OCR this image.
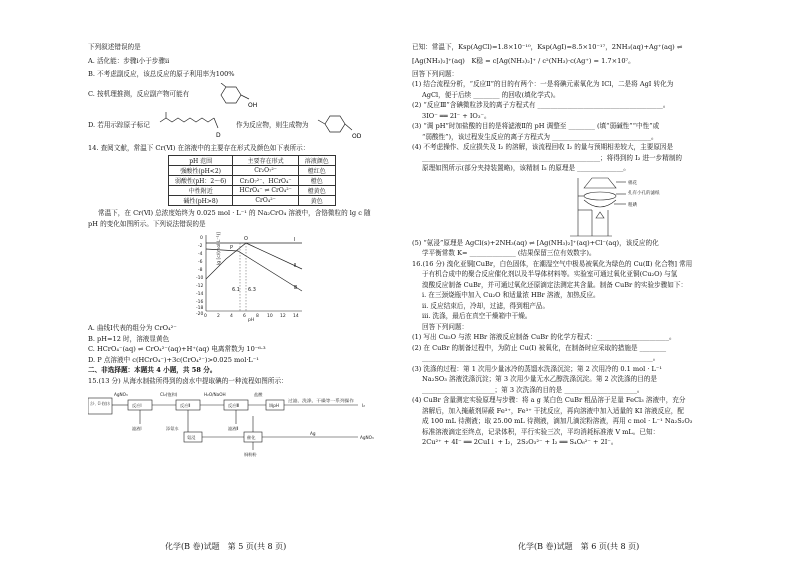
下列叙述错误的是
A. 活化能：步骤ⅰ小于步骤ⅱ
B. 不考虑副反应，该总反应的原子利用率为100%
C. 按机理推测，反应副产物可能有
OH
D. 若用示踪原子标记
D
作为反应物，则生成物为
OD
14. 查阅文献，常温下 Cr(Ⅵ) 在溶液中的主要存在形式及颜色如下表所示：
pH 范围	主要存在形式	溶液颜色
强酸性(pH<2)	Cr₂O₇²⁻	橙红色
弱酸性(pH：2～6)	Cr₂O₇²⁻、HCrO₄⁻	橙色
中性附近	HCrO₄⁻ ⇌ CrO₄²⁻	橙黄色
碱性(pH>8)	CrO₄²⁻	黄色
常温下，在 Cr(Ⅵ) 总浓度始终为 0.025 mol · L⁻¹ 的 Na₂CrO₄ 溶液中，含铬微粒的 lg c 随
pH 的变化如图所示。下列说法错误的是
lg [c/(mol·L⁻¹)]
pH
0 2 4 6 8 10 12 14
0
-2
-4
-6
-8
-10
-12
-14
-16
-18
-20
Ⅰ
Ⅱ
Ⅲ
O
P
6.1 6.3
A. 曲线Ⅰ代表的组分为 CrO₄²⁻
B. pH=12 时，溶液显黄色
C. HCrO₄⁻(aq) ⇌ CrO₄²⁻(aq)+H⁺(aq) 电离常数为 10⁻⁶·³
D. P 点溶液中 c(HCrO₄⁻)+3c(CrO₄²⁻)>0.025 mol·L⁻¹
二、非选择题：本题共 4 小题，共 58 分。
15.(13 分) 从海水制盐所得到的卤水中提取碘的一种流程如图所示：
含I⁻、Cl⁻的卤水
AgNO₃
反应Ⅰ
Cl₂(饱和)
反应Ⅱ
H₂O/NaOH
反应Ⅲ
盐酸
调pH
过滤、洗涤、干燥等一系列操作
I₂
滤液Ⅰ	滤液Ⅱ
添氨水
氨浸	催化
Ag
AgNO₃
铜粉粉
化学(B 卷)试题　第 5 页(共 8 页)
已知：常温下，Ksp(AgCl)=1.8×10⁻¹⁰，Ksp(AgI)=8.5×10⁻¹⁷，2NH₃(aq)+Ag⁺(aq) ⇌
[Ag(NH₃)₂]⁺(aq)　K稳 = c[Ag(NH₃)₂]⁺ / c²(NH₃)·c(Ag⁺) = 1.7×10⁷。
回答下列问题：
(1) 结合流程分析，“反应Ⅱ”的目的有两个：一是将碘元素氧化为 ICl，二是将 AgI 转化为
AgCl，便于后续 ________ 的回收(填化学式)。
(2) “反应Ⅲ”含碘微粒涉及的离子方程式有 ______________________________________。
3IO⁻ ══ 2I⁻ + IO₃⁻。
(3) “调 pH”时加盐酸的目的是将滤液Ⅱ的 pH 调整至 ________ (填“弱碱性”“中性”或
“弱酸性”)，该过程发生反应的离子方程式为 ______________________________。
(4) 不考虑操作、反应损失及 I₂ 的溶解，该流程回收 I₂ 的量与预期相差较大，主要原因是
______________________________________________________；将得到的 I₂ 进一步精制的
原理如图所示(部分夹持装置略)，该精制 I₂ 的原理是 ______________。
棉花
扎有小孔的滤纸
粗碘
(5) “氨浸”原理是 AgCl(s)+2NH₃(aq) ⇌ [Ag(NH₃)₂]⁺(aq)+Cl⁻(aq)，该反应的化
学平衡常数 K= ______________ (结果保留三位有效数字)。
16.(16 分) 溴化亚铜[CuBr，白色固体，在潮湿空气中极易被氧化为绿色的 Cu(Ⅱ) 化合物] 常用
于有机合成中的聚合反应催化剂以及半导体材料等。实验室可通过氧化亚铜(Cu₂O) 与氢
溴酸反应制备 CuBr，并可通过氧化还原滴定法测定其含量。制备 CuBr 的实验步骤如下：
ⅰ. 在三颈烧瓶中加入 Cu₂O 和适量浓 HBr 溶液，加热反应。
ⅱ. 反应结束后，冷却，过滤，得到粗产品。
ⅲ. 洗涤，最后在真空干燥箱中干燥。
回答下列问题：
(1) 写出 Cu₂O 与浓 HBr 溶液反应制备 CuBr 的化学方程式：______________________。
(2) 在 CuBr 的制备过程中，为防止 Cu(Ⅰ) 被氧化，在制备时应采取的措施是 ________
______________________________________________________________________。
(3) 洗涤的过程：第 1 次用少量冰冷的蒸馏水洗涤沉淀；第 2 次用冷的 0.1 mol · L⁻¹
Na₂SO₃ 溶液洗涤沉淀；第 3 次用少量无水乙醇洗涤沉淀。第 2 次洗涤的目的是
______________________；第 3 次洗涤的目的是 ______________________。
(4) CuBr 含量测定实验原理与步骤：将 a g 某白色 CuBr 粗品溶于足量 FeCl₃ 溶液中，充分
溶解后，加入掩蔽剂屏蔽 Fe³⁺，Fe³⁺ 干扰反应，再向溶液中加入适量的 KI 溶液反应，配
成 100 mL 待测液；取 25.00 mL 待测液，滴加几滴淀粉溶液，再用 c mol · L⁻¹ Na₂S₂O₃
标准溶液滴定至终点，记录体积，平行实验三次，平均消耗标准液 V mL。已知：
2Cu²⁺ + 4I⁻ ══ 2CuI↓ + I₂，2S₂O₃²⁻ + I₂ ══ S₄O₆²⁻ + 2I⁻。
化学(B 卷)试题　第 6 页(共 8 页)
